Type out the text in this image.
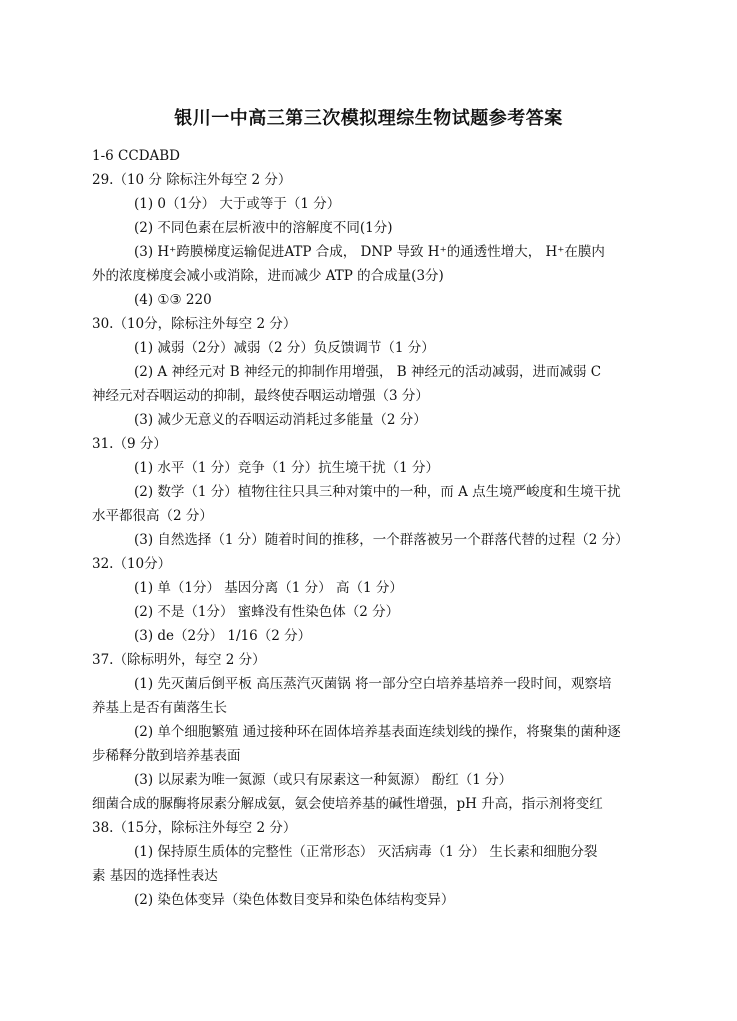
银川一中高三第三次模拟理综生物试题参考答案
1-6 CCDABD
29.（10 分 除标注外每空 2 分）
(1) 0（1分） 大于或等于（1 分）
(2) 不同色素在层析液中的溶解度不同(1分)
(3) H⁺跨膜梯度运输促进ATP 合成， DNP 导致 H⁺的通透性增大， H⁺在膜内
外的浓度梯度会减小或消除，进而减少 ATP 的合成量(3分)
(4) ①③ 220
30.（10分，除标注外每空 2 分）
(1) 减弱（2分）减弱（2 分）负反馈调节（1 分）
(2) A 神经元对 B 神经元的抑制作用增强， B 神经元的活动减弱，进而减弱 C
神经元对吞咽运动的抑制，最终使吞咽运动增强（3 分）
(3) 减少无意义的吞咽运动消耗过多能量（2 分）
31.（9 分）
(1) 水平（1 分）竞争（1 分）抗生境干扰（1 分）
(2) 数学（1 分）植物往往只具三种对策中的一种，而 A 点生境严峻度和生境干扰
水平都很高（2 分）
(3) 自然选择（1 分）随着时间的推移，一个群落被另一个群落代替的过程（2 分）
32.（10分）
(1) 单（1分） 基因分离（1 分） 高（1 分）
(2) 不是（1分） 蜜蜂没有性染色体（2 分）
(3) de（2分） 1/16（2 分）
37.（除标明外，每空 2 分）
(1) 先灭菌后倒平板 高压蒸汽灭菌锅 将一部分空白培养基培养一段时间，观察培
养基上是否有菌落生长
(2) 单个细胞繁殖 通过接种环在固体培养基表面连续划线的操作，将聚集的菌种逐
步稀释分散到培养基表面
(3) 以尿素为唯一氮源（或只有尿素这一种氮源） 酚红（1 分）
细菌合成的脲酶将尿素分解成氨，氨会使培养基的碱性增强，pH 升高，指示剂将变红
38.（15分，除标注外每空 2 分）
(1) 保持原生质体的完整性（正常形态） 灭活病毒（1 分） 生长素和细胞分裂
素 基因的选择性表达
(2) 染色体变异（染色体数目变异和染色体结构变异）
